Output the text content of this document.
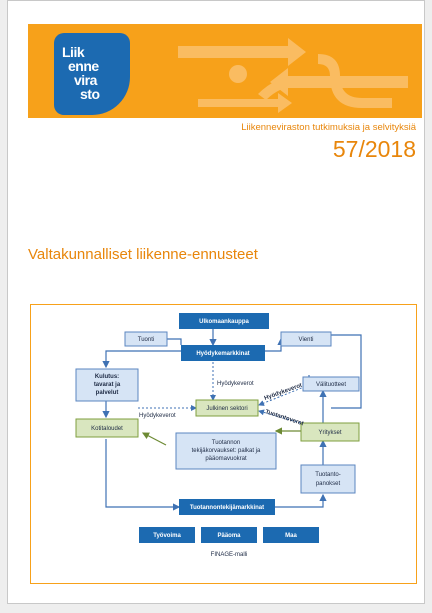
Liik
enne
vira
sto
Liikenneviraston tutkimuksia ja selvityksiä
57/2018
Valtakunnalliset liikenne-ennusteet
Ulkomaankauppa
Tuonti	Vienti
Hyödykemarkkinat
Kulutus:
tavarat ja
palvelut
Julkinen sektori
Välituotteet
Kotitaloudet
Yritykset
Tuotannon
tekijäkorvaukset: palkat ja
pääomavuokrat
Tuotanto-
panokset
Tuotannontekijämarkkinat
Työvoima	Pääoma	Maa
Hyödykeverot
Hyödykeverot
Hyödykeverot
Tuotantoverot
FINAGE-malli
